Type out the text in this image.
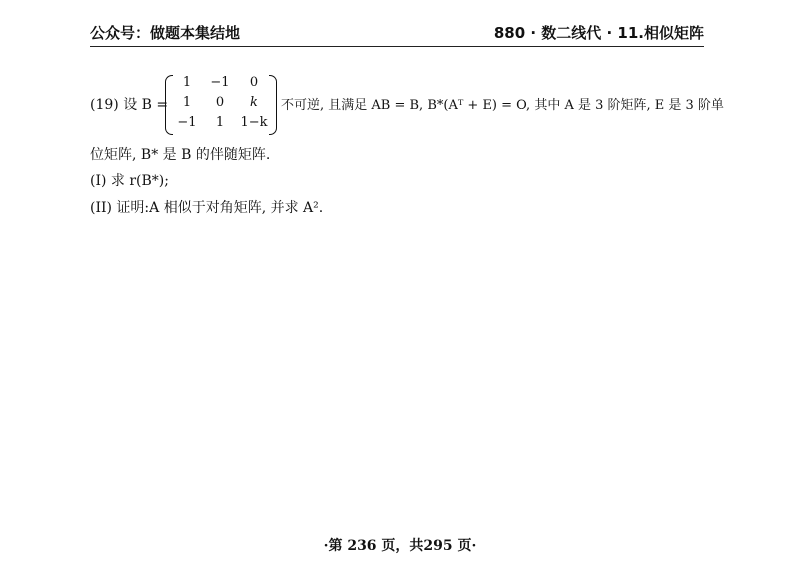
公众号：做题本集结地	880 · 数二线代 · 11.相似矩阵
(19) 设 B =
1	−1	0
1	0	k
−1	1	1−k
不可逆, 且满足 AB = B, B*(Aᵀ + E) = O, 其中 A 是 3 阶矩阵, E 是 3 阶单
位矩阵, B* 是 B 的伴随矩阵.
(I) 求 r(B*);
(II) 证明:A 相似于对角矩阵, 并求 A².
·第 236 页，共295 页·
